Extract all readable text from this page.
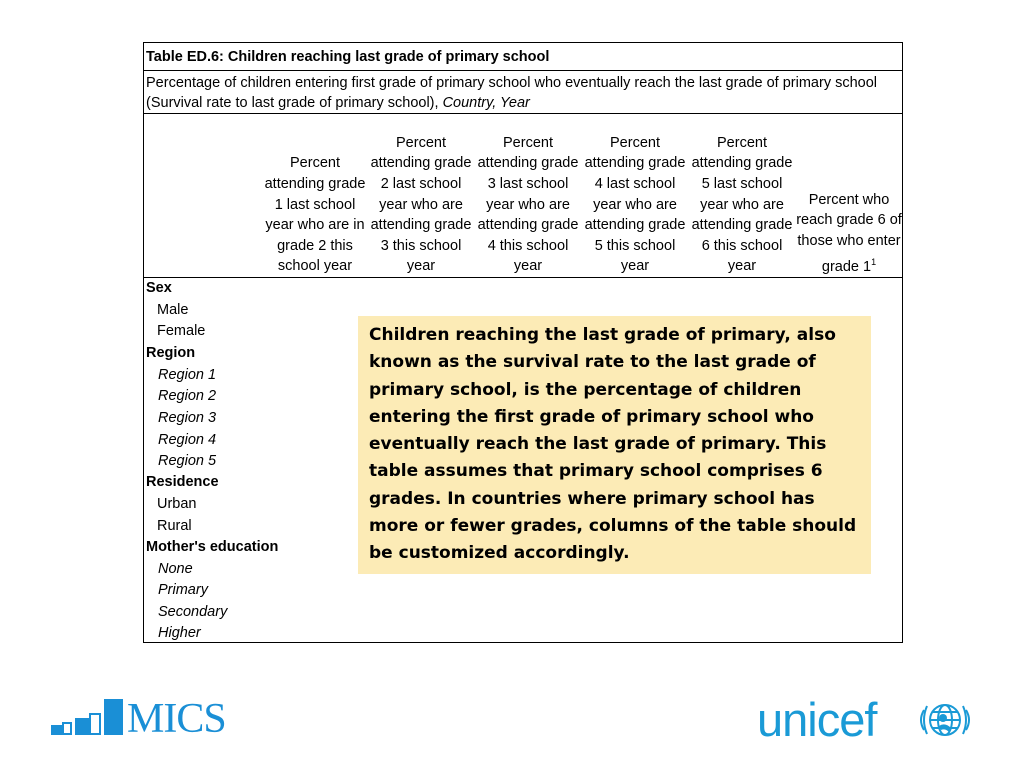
Table ED.6: Children reaching last grade of primary school
Percentage of children entering first grade of primary school who eventually reach the last grade of primary school (Survival rate to last grade of primary school), Country, Year
Percent attending grade 1 last school year who are in grade 2 this school year
Percent attending grade 2 last school year who are attending grade 3 this school year
Percent attending grade 3 last school year who are attending grade 4 this school year
Percent attending grade 4 last school year who are attending grade 5 this school year
Percent attending grade 5 last school year who are attending grade 6 this school year
Percent who reach grade 6 of those who enter grade $1^1$
Sex
Male
Female
Region
Region 1
Region 2
Region 3
Region 4
Region 5
Residence
Urban
Rural
Mother's education
None
Primary
Secondary
Higher
Children reaching the last grade of primary, also known as the survival rate to the last grade of primary school, is the percentage of children entering the first grade of primary school who eventually reach the last grade of primary. This table assumes that primary school comprises 6 grades. In countries where primary school has more or fewer grades, columns of the table should be customized accordingly.
MICS	unicef
